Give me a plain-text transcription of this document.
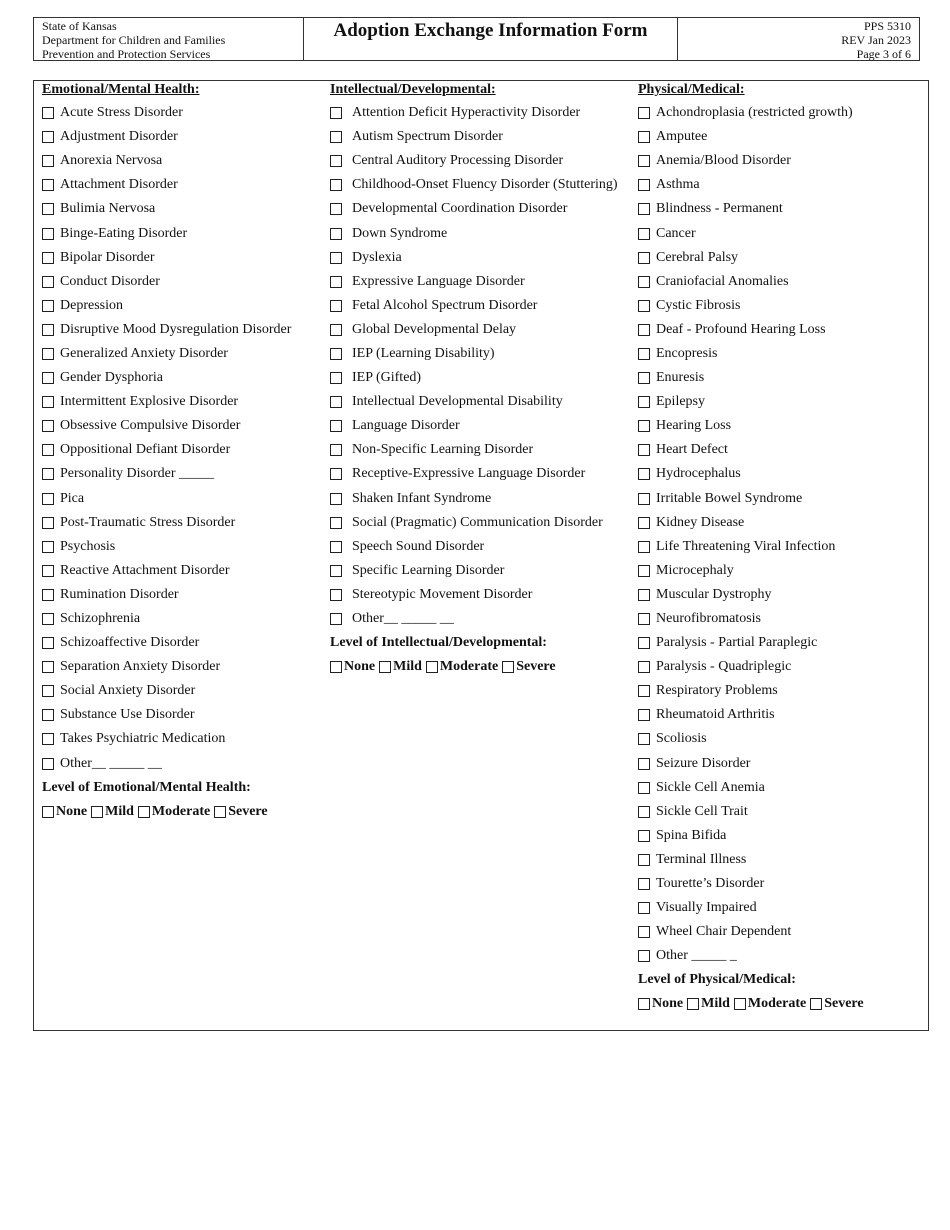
State of Kansas
Department for Children and Families
Prevention and Protection Services
Adoption Exchange Information Form	PPS 5310
REV Jan 2023
Page 3 of 6
Emotional/Mental Health:
Acute Stress Disorder
Adjustment Disorder
Anorexia Nervosa
Attachment Disorder
Bulimia Nervosa
Binge-Eating Disorder
Bipolar Disorder
Conduct Disorder
Depression
Disruptive Mood Dysregulation Disorder
Generalized Anxiety Disorder
Gender Dysphoria
Intermittent Explosive Disorder
Obsessive Compulsive Disorder
Oppositional Defiant Disorder
Personality Disorder _____
Pica
Post-Traumatic Stress Disorder
Psychosis
Reactive Attachment Disorder
Rumination Disorder
Schizophrenia
Schizoaffective Disorder
Separation Anxiety Disorder
Social Anxiety Disorder
Substance Use Disorder
Takes Psychiatric Medication
Other__ _____ __
Level of Emotional/Mental Health:
None Mild Moderate Severe
Intellectual/Developmental:
Attention Deficit Hyperactivity Disorder
Autism Spectrum Disorder
Central Auditory Processing Disorder
Childhood-Onset Fluency Disorder (Stuttering)
Developmental Coordination Disorder
Down Syndrome
Dyslexia
Expressive Language Disorder
Fetal Alcohol Spectrum Disorder
Global Developmental Delay
IEP (Learning Disability)
IEP (Gifted)
Intellectual Developmental Disability
Language Disorder
Non-Specific Learning Disorder
Receptive-Expressive Language Disorder
Shaken Infant Syndrome
Social (Pragmatic) Communication Disorder
Speech Sound Disorder
Specific Learning Disorder
Stereotypic Movement Disorder
Other__ _____ __
Level of Intellectual/Developmental:
None Mild Moderate Severe
Physical/Medical:
Achondroplasia (restricted growth)
Amputee
Anemia/Blood Disorder
Asthma
Blindness - Permanent
Cancer
Cerebral Palsy
Craniofacial Anomalies
Cystic Fibrosis
Deaf - Profound Hearing Loss
Encopresis
Enuresis
Epilepsy
Hearing Loss
Heart Defect
Hydrocephalus
Irritable Bowel Syndrome
Kidney Disease
Life Threatening Viral Infection
Microcephaly
Muscular Dystrophy
Neurofibromatosis
Paralysis - Partial Paraplegic
Paralysis - Quadriplegic
Respiratory Problems
Rheumatoid Arthritis
Scoliosis
Seizure Disorder
Sickle Cell Anemia
Sickle Cell Trait
Spina Bifida
Terminal Illness
Tourette’s Disorder
Visually Impaired
Wheel Chair Dependent
Other _____ _
Level of Physical/Medical:
None Mild Moderate Severe
